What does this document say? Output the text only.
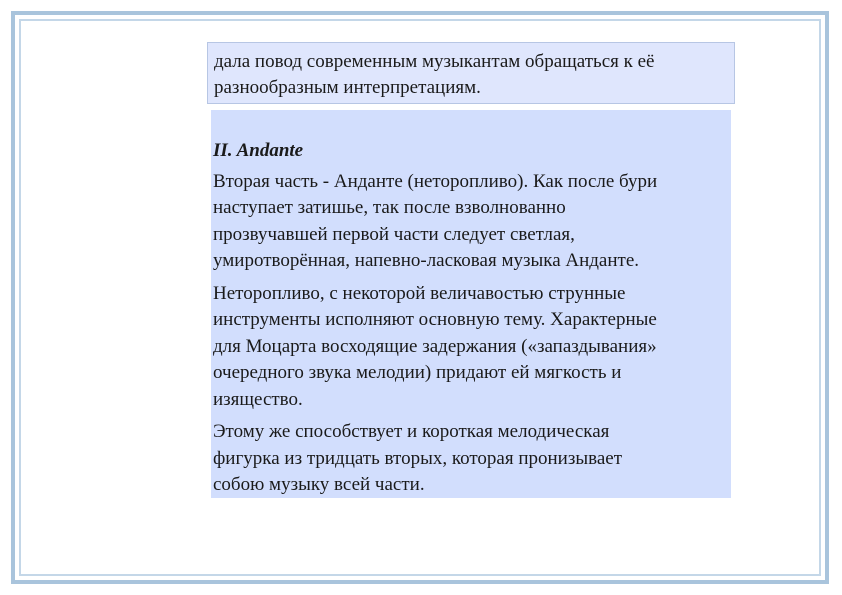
дала повод современным музыкантам обращаться к её
разнообразным интерпретациям.
II. Andante
Вторая часть - Анданте (неторопливо). Как после бури
наступает затишье, так после взволнованно
прозвучавшей первой части следует светлая,
умиротворённая, напевно-ласковая музыка Анданте.
Неторопливо, с некоторой величавостью струнные
инструменты исполняют основную тему. Характерные
для Моцарта восходящие задержания («запаздывания»
очередного звука мелодии) придают ей мягкость и
изящество.
Этому же способствует и короткая мелодическая
фигурка из тридцать вторых, которая пронизывает
собою музыку всей части.
